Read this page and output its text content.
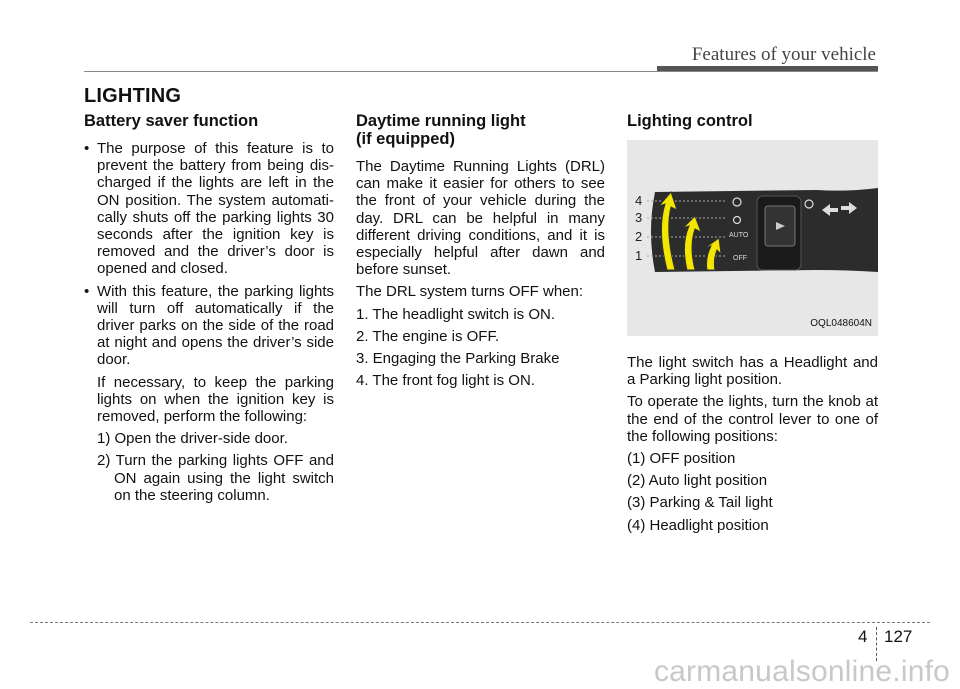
Features of your vehicle
LIGHTING
Battery saver function
• The purpose of this feature is to prevent the battery from being dis-charged if the lights are left in the ON position. The system automati-cally shuts off the parking lights 30 seconds after the ignition key is removed and the driver’s door is opened and closed.
• With this feature, the parking lights will turn off automatically if the driver parks on the side of the road at night and opens the driver’s side door.

If necessary, to keep the parking lights on when the ignition key is removed, perform the following:

1) Open the driver-side door.

2) Turn the parking lights OFF and ON again using the light switch on the steering column.

Daytime running light
(if equipped)

The Daytime Running Lights (DRL) can make it easier for others to see the front of your vehicle during the day. DRL can be helpful in many different driving conditions, and it is especially helpful after dawn and before sunset.

The DRL system turns OFF when:

1. The headlight switch is ON.

2. The engine is OFF.

3. Engaging the Parking Brake

4. The front fog light is ON.

Lighting control
AUTO
OFF
4
3
2
1
OQL048604N

The light switch has a Headlight and a Parking light position.

To operate the lights, turn the knob at the end of the control lever to one of the following positions:

(1) OFF position

(2) Auto light position

(3) Parking & Tail light

(4) Headlight position

4 127
carmanualsonline.info
